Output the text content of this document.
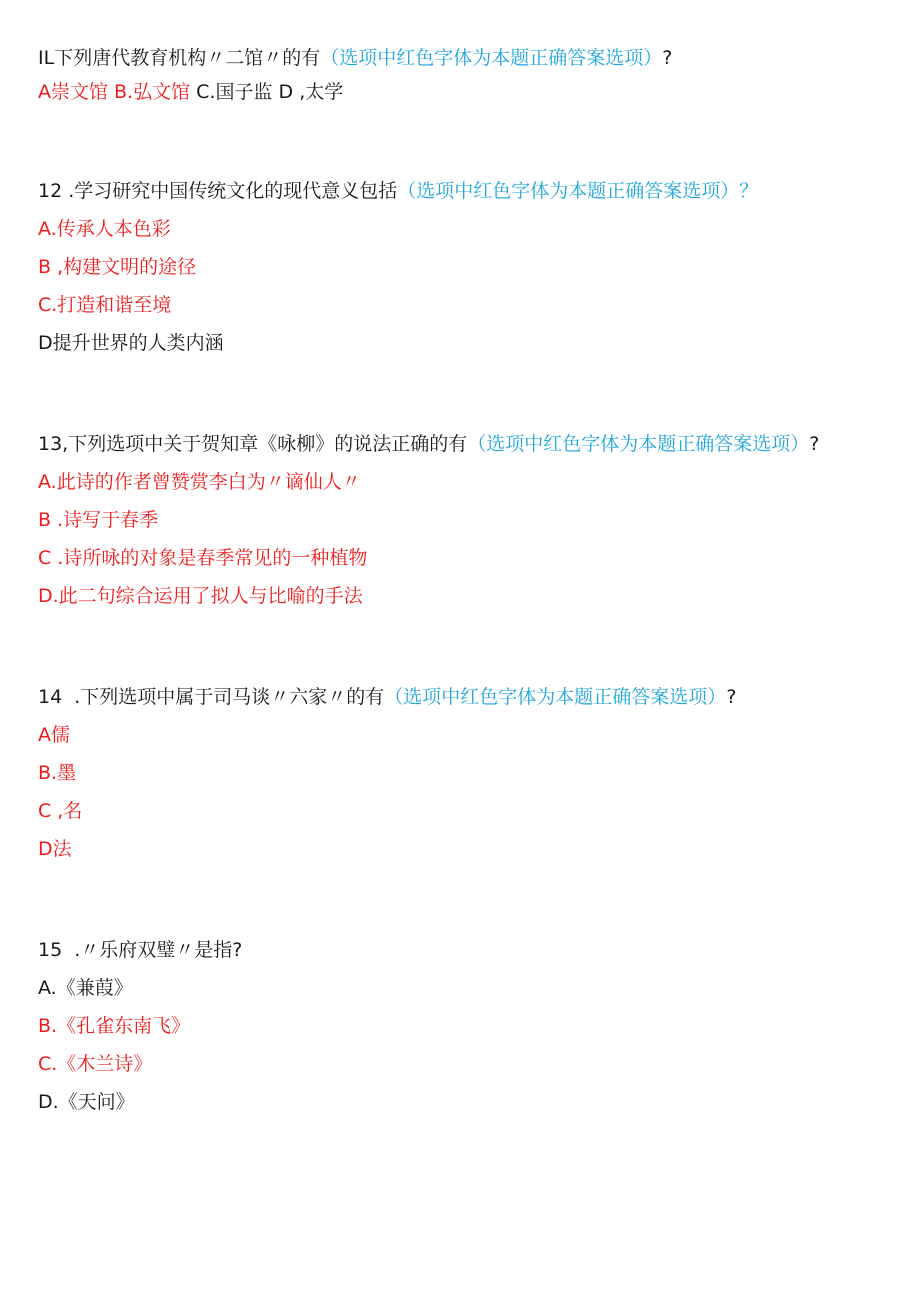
IL下列唐代教育机构〃二馆〃的有（选项中红色字体为本题正确答案选项）?
A崇文馆 B.弘文馆 C.国子监 D ,太学
12 .学习研究中国传统文化的现代意义包括（选项中红色字体为本题正确答案选项）？
A.传承人本色彩
B ,构建文明的途径
C.打造和谐至境
D提升世界的人类内涵
13,下列选项中关于贺知章《咏柳》的说法正确的有（选项中红色字体为本题正确答案选项）?
A.此诗的作者曾赞赏李白为〃谪仙人〃
B .诗写于春季
C .诗所咏的对象是春季常见的一种植物
D.此二句综合运用了拟人与比喻的手法
14  .下列选项中属于司马谈〃六家〃的有（选项中红色字体为本题正确答案选项）?
A儒
B.墨
C ,名
D法
15  .〃乐府双璧〃是指?
A.《兼葭》
B.《孔雀东南飞》
C.《木兰诗》
D.《天问》
